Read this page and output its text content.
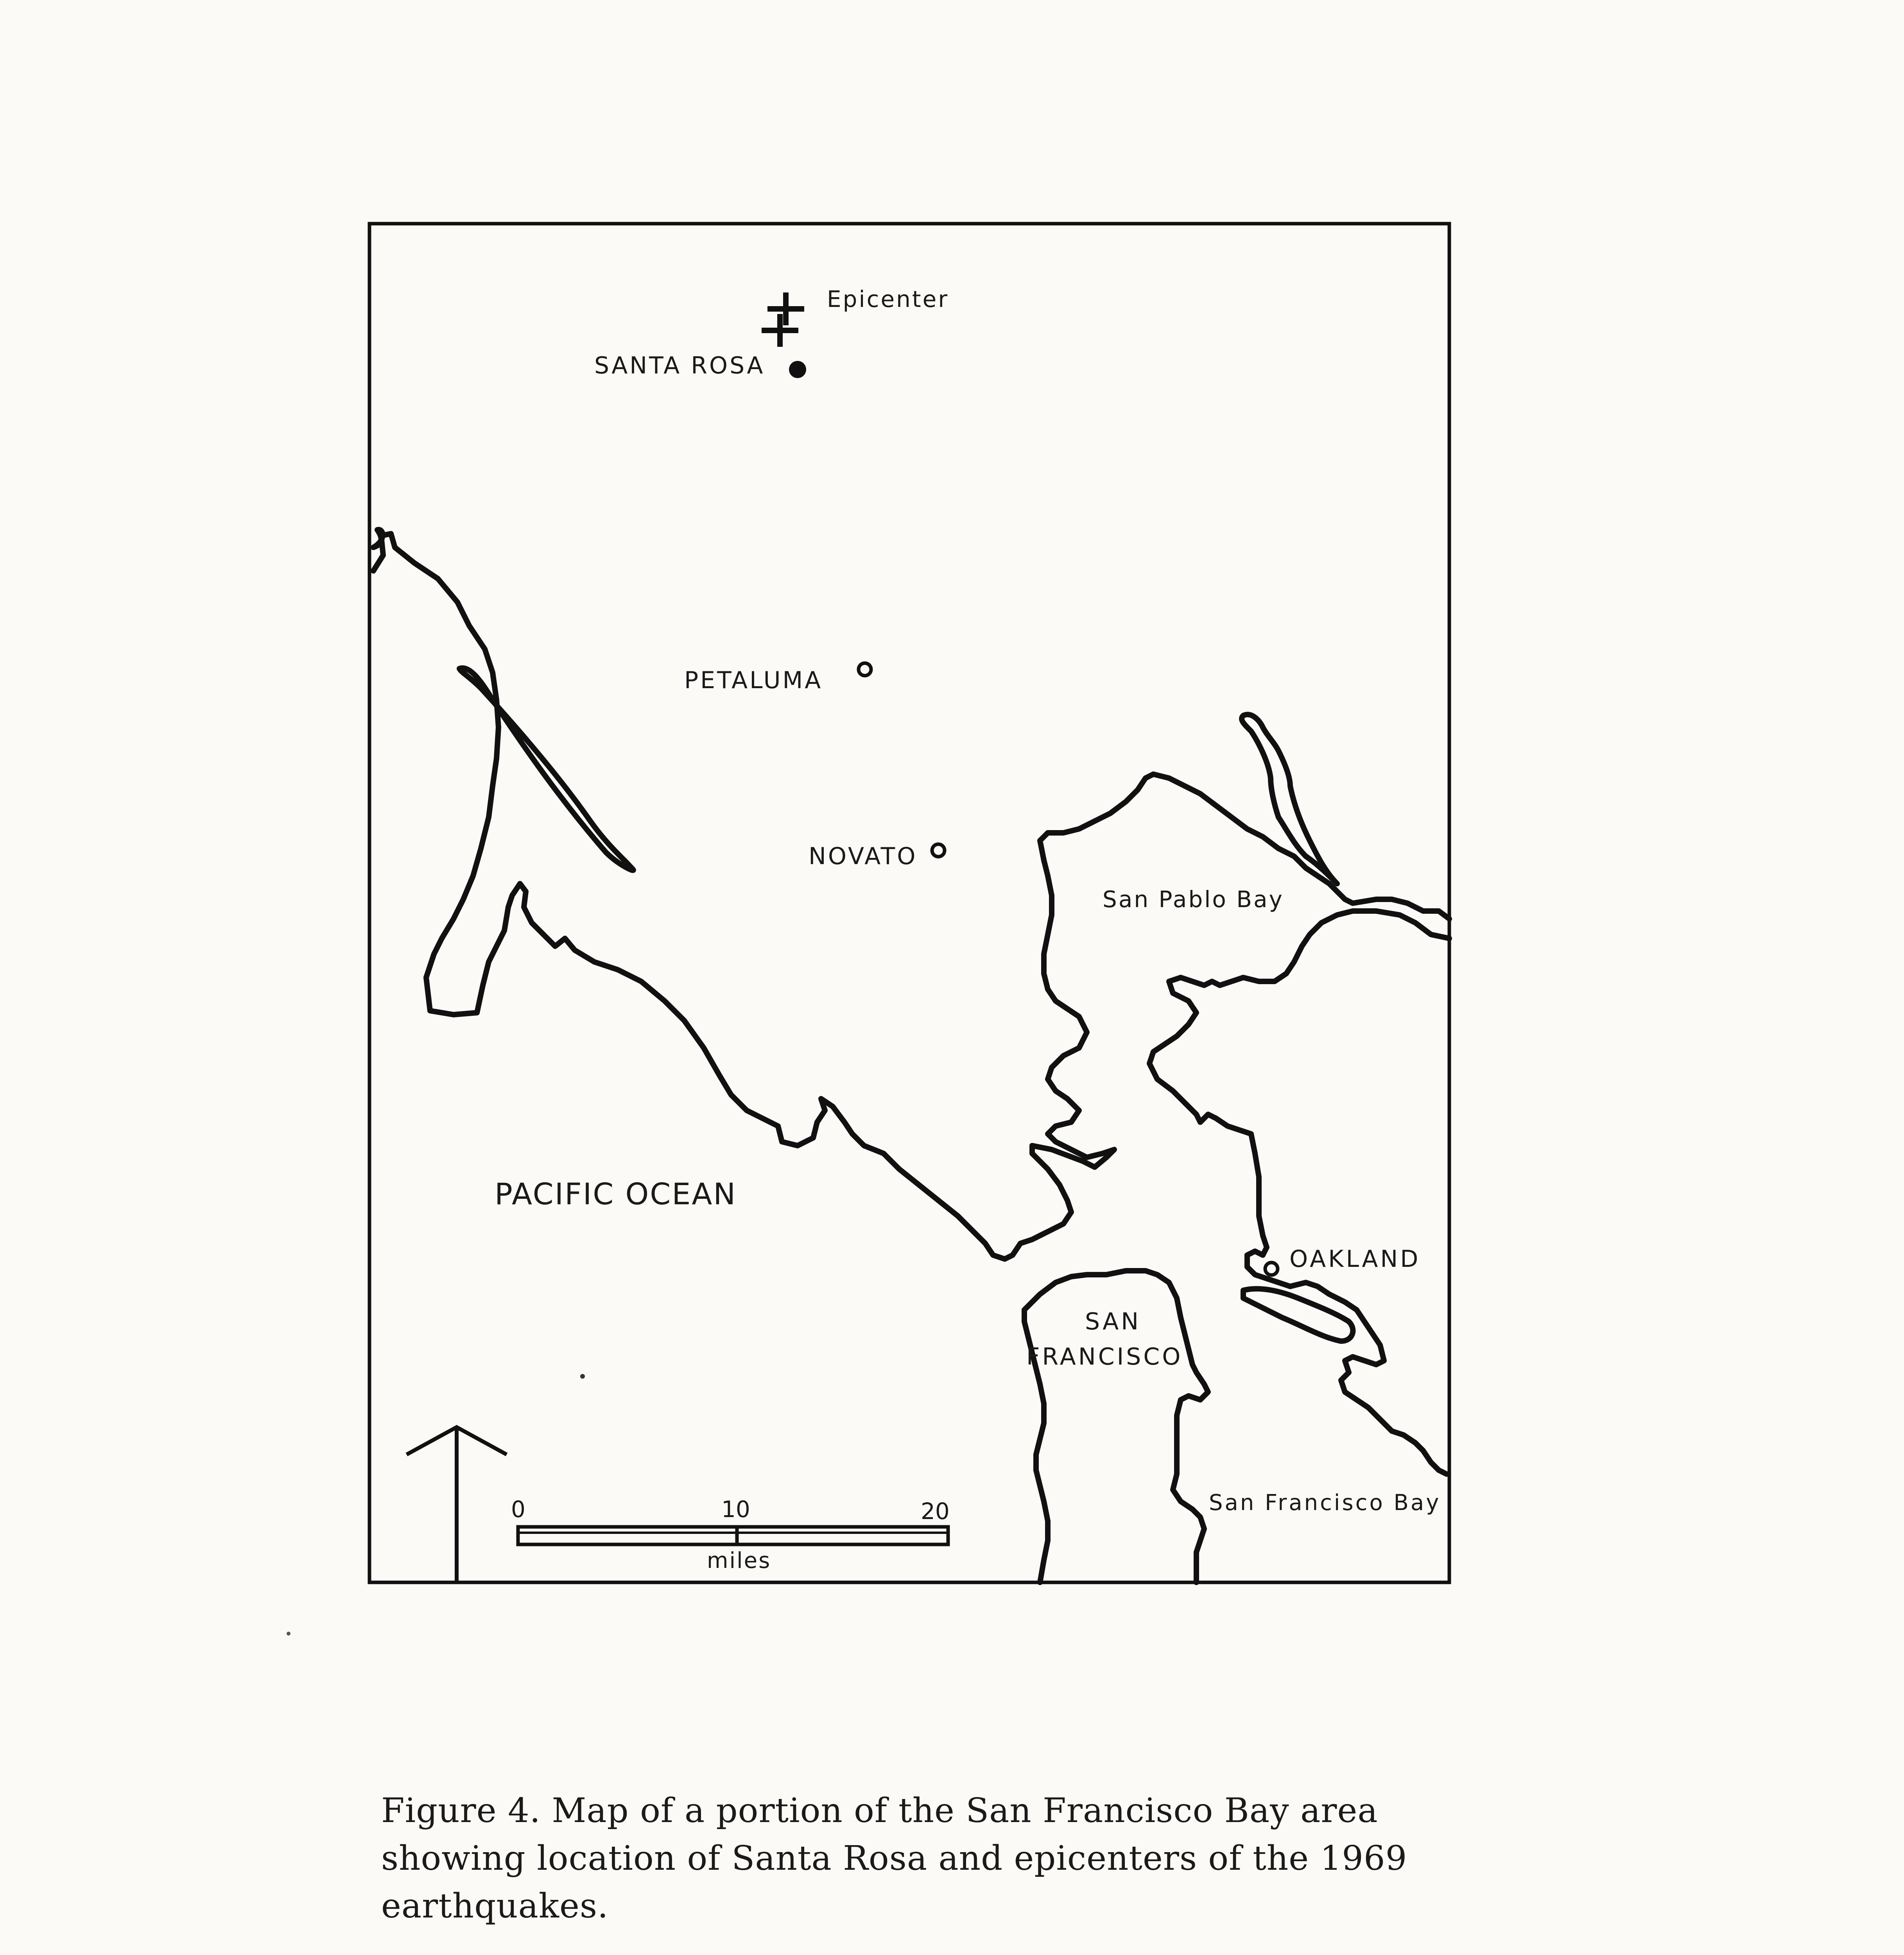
Epicenter
SANTA ROSA
PETALUMA
NOVATO
San Pablo Bay
PACIFIC OCEAN
OAKLAND
SAN
FRANCISCO
San Francisco Bay
0	10	20
miles
Figure 4. Map of a portion of the San Francisco Bay area showing location of Santa Rosa and epicenters of the 1969 earthquakes.
